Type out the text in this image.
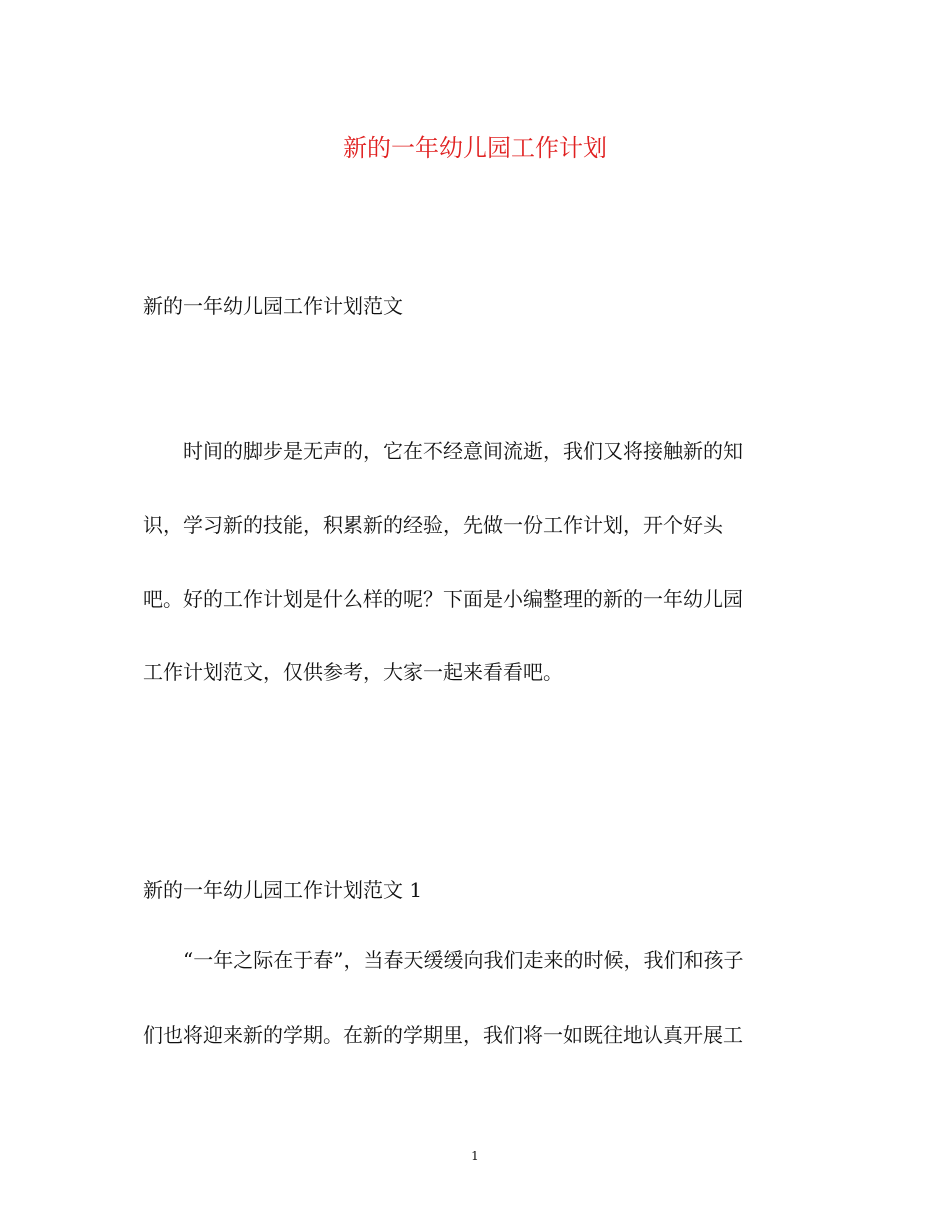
新的一年幼儿园工作计划
新的一年幼儿园工作计划范文
时间的脚步是无声的，它在不经意间流逝，我们又将接触新的知
识，学习新的技能，积累新的经验，先做一份工作计划，开个好头
吧。好的工作计划是什么样的呢？下面是小编整理的新的一年幼儿园
工作计划范文，仅供参考，大家一起来看看吧。
新的一年幼儿园工作计划范文 1
“一年之际在于春”，当春天缓缓向我们走来的时候，我们和孩子
们也将迎来新的学期。在新的学期里，我们将一如既往地认真开展工
1
